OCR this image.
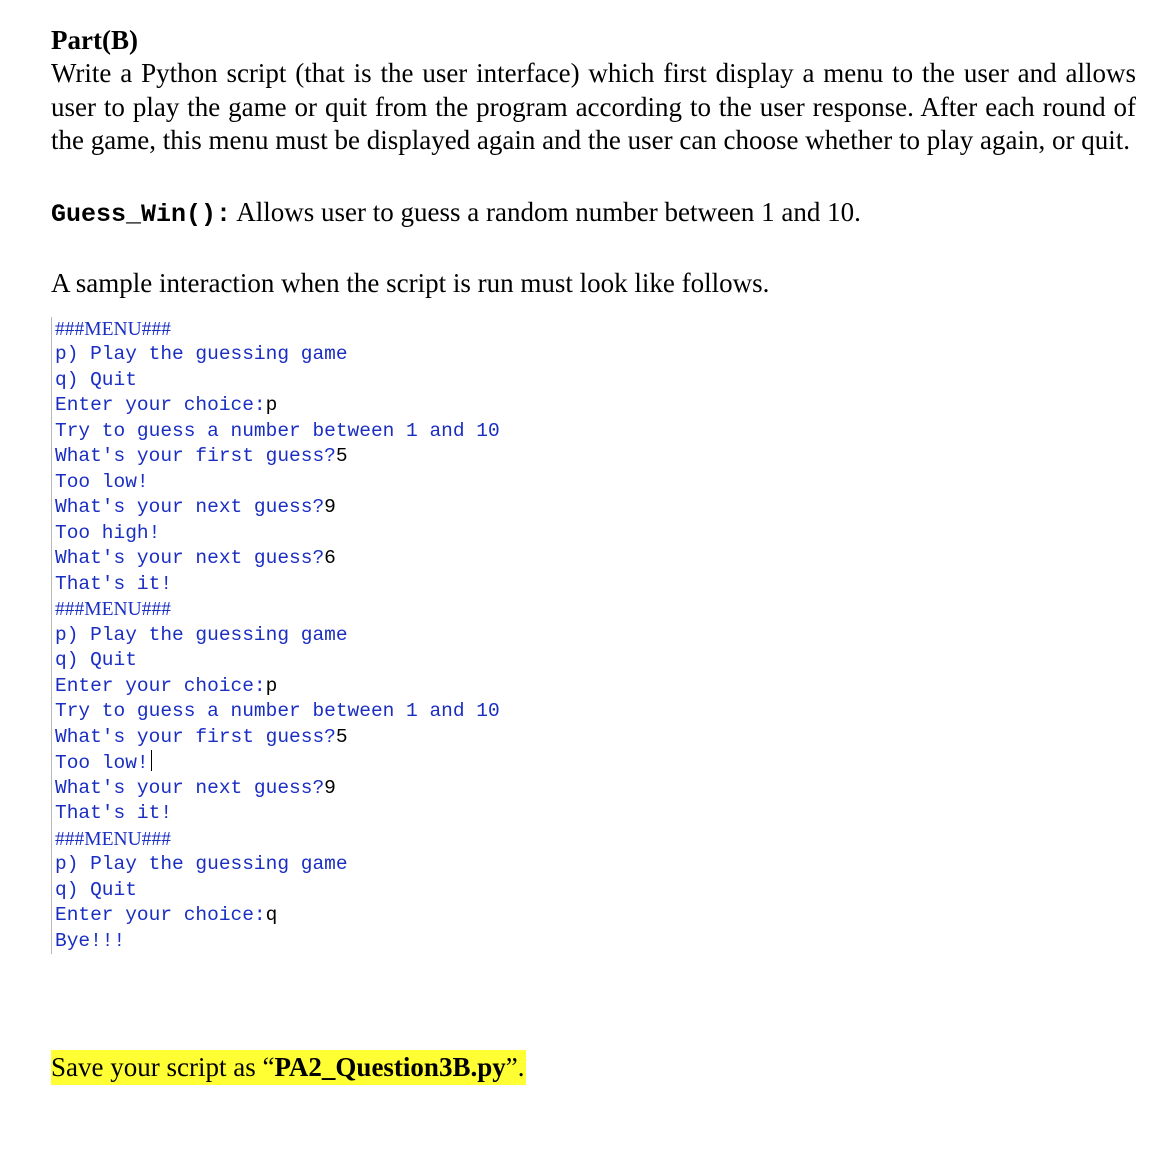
Part(B)

Write a Python script (that is the user interface) which first display a menu to the user and allows user to play the game or quit from the program according to the user response. After each round of the game, this menu must be displayed again and the user can choose whether to play again, or quit.

Guess_Win(): Allows user to guess a random number between 1 and 10.
A sample interaction when the script is run must look like follows.
###MENU###
p) Play the guessing game
q) Quit
Enter your choice:p
Try to guess a number between 1 and 10
What's your first guess?5
Too low!
What's your next guess?9
Too high!
What's your next guess?6
That's it!
###MENU###
p) Play the guessing game
q) Quit
Enter your choice:p
Try to guess a number between 1 and 10
What's your first guess?5
Too low!
What's your next guess?9
That's it!
###MENU###
p) Play the guessing game
q) Quit
Enter your choice:q
Bye!!!
Save your script as “PA2_Question3B.py”.
